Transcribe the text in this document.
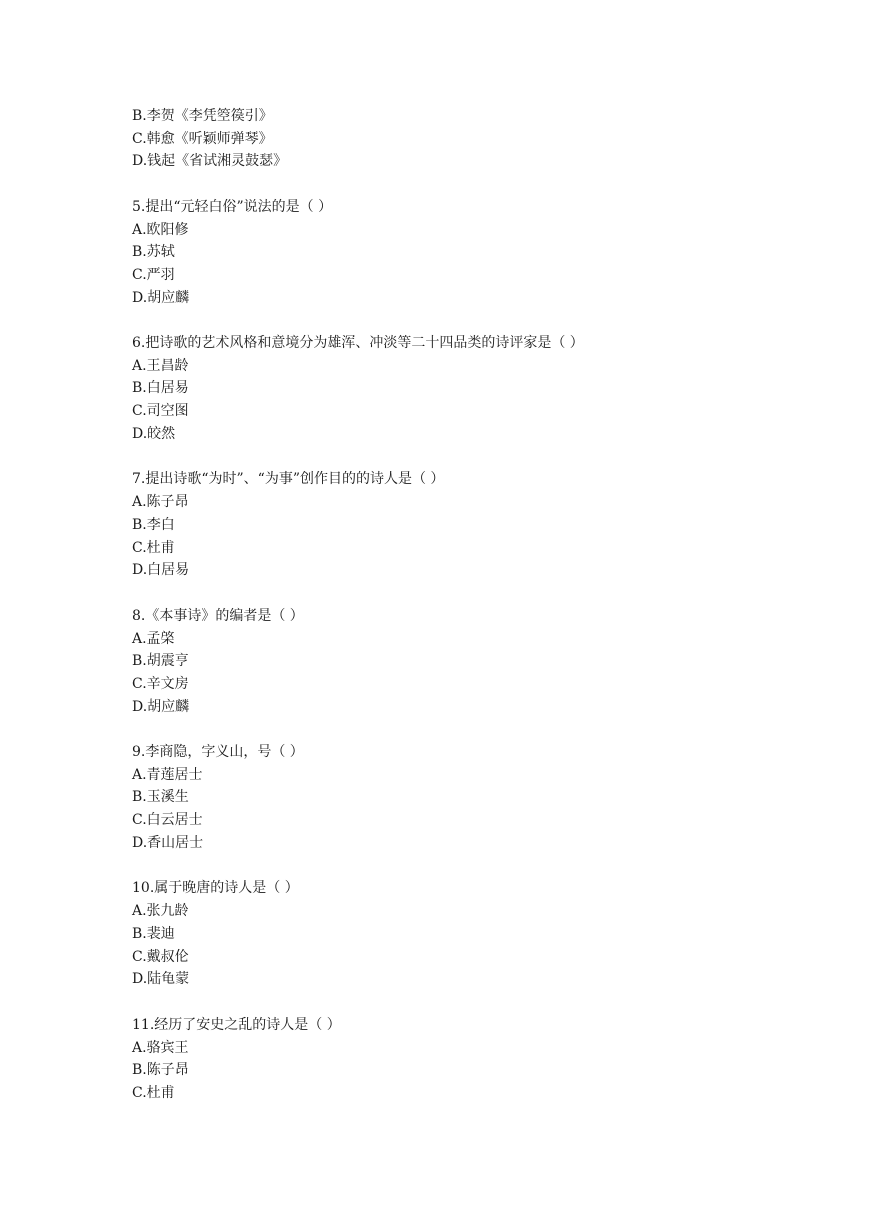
B.李贺《李凭箜篌引》
C.韩愈《听颖师弹琴》
D.钱起《省试湘灵鼓瑟》
5.提出“元轻白俗”说法的是（ ）
A.欧阳修
B.苏轼
C.严羽
D.胡应麟
6.把诗歌的艺术风格和意境分为雄浑、冲淡等二十四品类的诗评家是（ ）
A.王昌龄
B.白居易
C.司空图
D.皎然
7.提出诗歌“为时”、“为事”创作目的的诗人是（ ）
A.陈子昂
B.李白
C.杜甫
D.白居易
8.《本事诗》的编者是（ ）
A.孟棨
B.胡震亨
C.辛文房
D.胡应麟
9.李商隐，字义山，号（ ）
A.青莲居士
B.玉溪生
C.白云居士
D.香山居士
10.属于晚唐的诗人是（ ）
A.张九龄
B.裴迪
C.戴叔伦
D.陆龟蒙
11.经历了安史之乱的诗人是（ ）
A.骆宾王
B.陈子昂
C.杜甫
